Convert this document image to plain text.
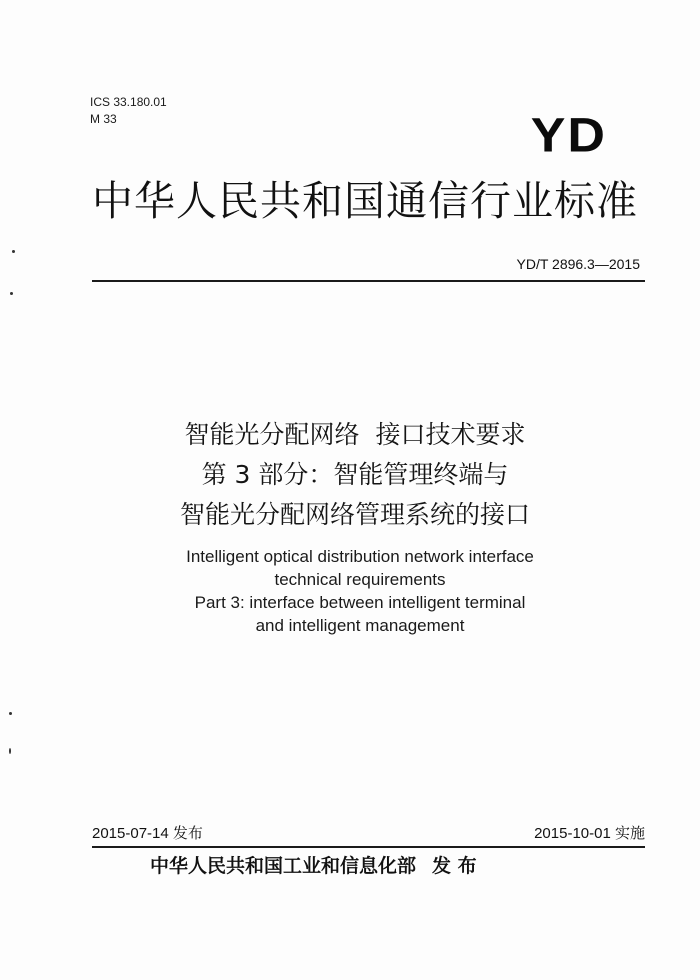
ICS 33.180.01
M 33	YD
中华人民共和国通信行业标准
YD/T 2896.3—2015
智能光分配网络  接口技术要求
第 3 部分：智能管理终端与
智能光分配网络管理系统的接口
Intelligent optical distribution network interface
technical requirements
Part 3: interface between intelligent terminal
and intelligent management
2015-07-14 发布	2015-10-01 实施
中华人民共和国工业和信息化部 发 布
